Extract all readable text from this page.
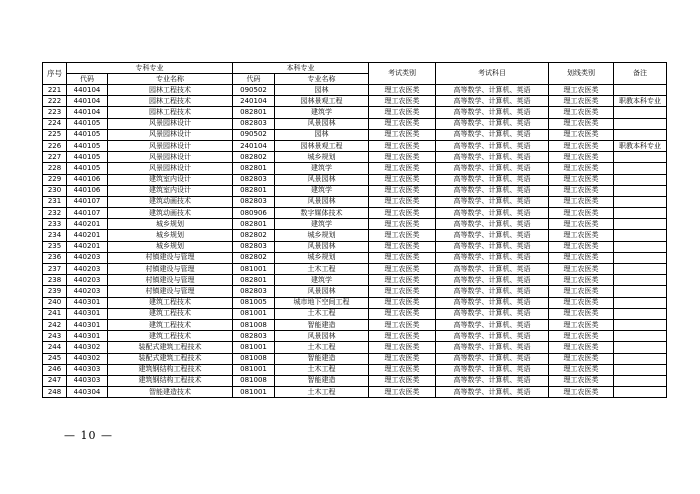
序号	专科专业		本科专业		考试类别	考试科目	划线类别	备注
	代码	专业名称	代码	专业名称				
221	440104	园林工程技术	090502	园林	理工农医类	高等数学、计算机、英语	理工农医类	
222	440104	园林工程技术	240104	园林景观工程	理工农医类	高等数学、计算机、英语	理工农医类	职教本科专业
223	440104	园林工程技术	082801	建筑学	理工农医类	高等数学、计算机、英语	理工农医类	
224	440105	风景园林设计	082803	风景园林	理工农医类	高等数学、计算机、英语	理工农医类	
225	440105	风景园林设计	090502	园林	理工农医类	高等数学、计算机、英语	理工农医类	
226	440105	风景园林设计	240104	园林景观工程	理工农医类	高等数学、计算机、英语	理工农医类	职教本科专业
227	440105	风景园林设计	082802	城乡规划	理工农医类	高等数学、计算机、英语	理工农医类	
228	440105	风景园林设计	082801	建筑学	理工农医类	高等数学、计算机、英语	理工农医类	
229	440106	建筑室内设计	082803	风景园林	理工农医类	高等数学、计算机、英语	理工农医类	
230	440106	建筑室内设计	082801	建筑学	理工农医类	高等数学、计算机、英语	理工农医类	
231	440107	建筑动画技术	082803	风景园林	理工农医类	高等数学、计算机、英语	理工农医类	
232	440107	建筑动画技术	080906	数字媒体技术	理工农医类	高等数学、计算机、英语	理工农医类	
233	440201	城乡规划	082801	建筑学	理工农医类	高等数学、计算机、英语	理工农医类	
234	440201	城乡规划	082802	城乡规划	理工农医类	高等数学、计算机、英语	理工农医类	
235	440201	城乡规划	082803	风景园林	理工农医类	高等数学、计算机、英语	理工农医类	
236	440203	村镇建设与管理	082802	城乡规划	理工农医类	高等数学、计算机、英语	理工农医类	
237	440203	村镇建设与管理	081001	土木工程	理工农医类	高等数学、计算机、英语	理工农医类	
238	440203	村镇建设与管理	082801	建筑学	理工农医类	高等数学、计算机、英语	理工农医类	
239	440203	村镇建设与管理	082803	风景园林	理工农医类	高等数学、计算机、英语	理工农医类	
240	440301	建筑工程技术	081005	城市地下空间工程	理工农医类	高等数学、计算机、英语	理工农医类	
241	440301	建筑工程技术	081001	土木工程	理工农医类	高等数学、计算机、英语	理工农医类	
242	440301	建筑工程技术	081008	智能建造	理工农医类	高等数学、计算机、英语	理工农医类	
243	440301	建筑工程技术	082803	风景园林	理工农医类	高等数学、计算机、英语	理工农医类	
244	440302	装配式建筑工程技术	081001	土木工程	理工农医类	高等数学、计算机、英语	理工农医类	
245	440302	装配式建筑工程技术	081008	智能建造	理工农医类	高等数学、计算机、英语	理工农医类	
246	440303	建筑钢结构工程技术	081001	土木工程	理工农医类	高等数学、计算机、英语	理工农医类	
247	440303	建筑钢结构工程技术	081008	智能建造	理工农医类	高等数学、计算机、英语	理工农医类	
248	440304	智能建造技术	081001	土木工程	理工农医类	高等数学、计算机、英语	理工农医类	
— 10 —
